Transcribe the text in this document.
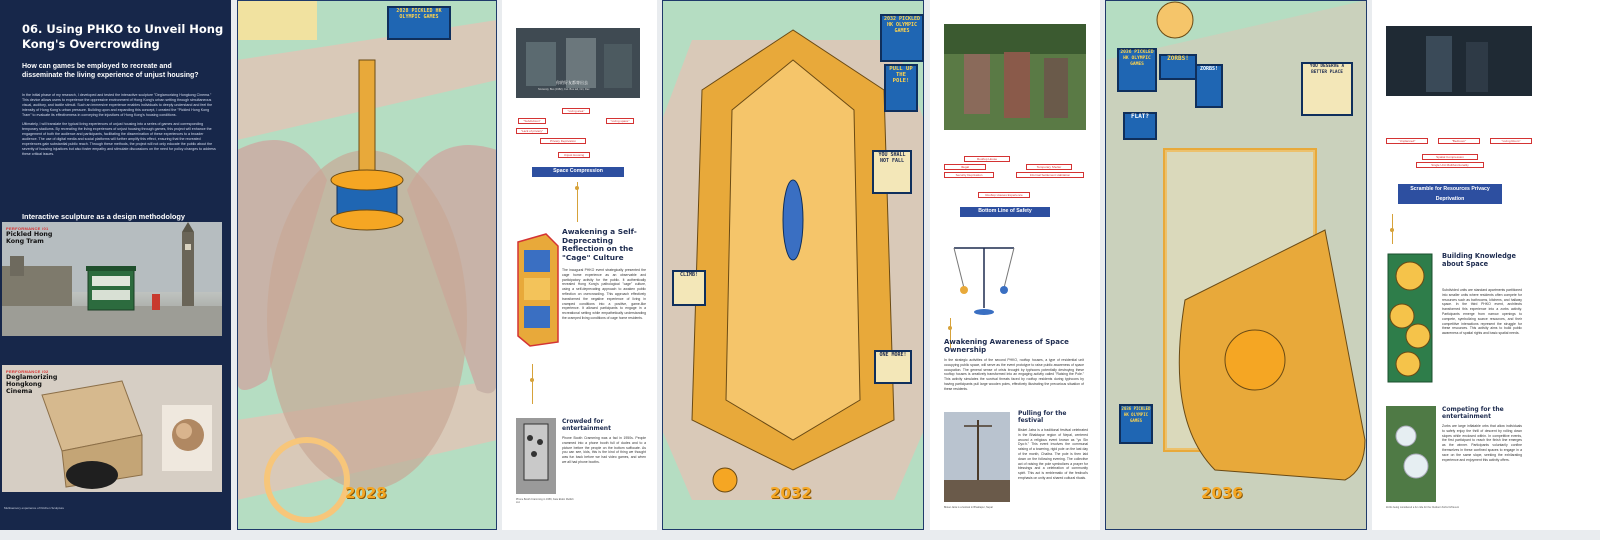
06. Using PHKO to Unveil Hong Kong's Overcrowding
How can games be employed to recreate and disseminate the living experience of unjust housing?

In the initial phase of my research, I developed and tested the interactive sculpture "Deglamorizing Hongkong Cinema." This device allows users to experience the oppressive environment of Hong Kong's urban setting through simultaneous visual, auditory, and tactile stimuli. Such an immersive experience enables individuals to deeply understand and feel the intensity of Hong Kong's urban pressure. Building upon and expanding this concept, I created the "Pickled Hong Kong Tram" to evaluate its effectiveness in conveying the injustices of Hong Kong's housing conditions.

Ultimately, I will translate the typical living experiences of unjust housing into a series of games and corresponding temporary stadiums. By recreating the living experiences of unjust housing through games, this project will enhance the engagement of both the audience and participants, facilitating the dissemination of these experiences to a broader audience. The use of digital media and social platforms will further amplify this effect, ensuring that the recreated experiences gain substantial public reach. Through these methods, the project will not only educate the public about the severity of housing injustices but also foster empathy and stimulate discussions on the need for policy changes to address these critical issues.

Interactive sculpture as a design methodology
PERFORMANCE /01
Pickled Hong Kong Tram
PERFORMANCE /02
Deglamorizing Hongkong Cinema
Multisensory experience of Kitchen Sculpture
2028 PICKLED HK OLYMPIC GAMES
2028
你的好友都寄出去
Sincerely, Bus (1982), Cut. Bus tail, Oct, Dec
"Subdivision"
"Living area"
"Living space"
"Lack of privacy"
Privacy Deprivation
Unjust Housing
Space Compression
Awakening a Self-Deprecating Reflection on the "Cage" Culture
The inaugural PHKO event strategically presented the cage home experience as an observable and participatory activity for the public. It authentically revealed Hong Kong's pathological "cage" culture, using a self-deprecating approach to awaken public reflection on overcrowding. This approach effectively transformed the negative experience of living in cramped conditions into a positive, game-like experience. It allowed participants to engage in a recreational setting while empathetically understanding the cramped living conditions of cage home residents.
Crowded for entertainment
Phone Booth Cramming was a fad in 1950s. People crammed into a phone booth full of dudes and to a picture before the people on the bottom suffocate. As you can see, kids, this is the kind of thing we thought was fun back before we had video games, and when we all had phone booths.
Phone Booth Cramming in 1959, Kate Eldon Mellish Ltd.
2032 PICKLED HK OLYMPIC GAMES
PULL UP THE POLE!
YOU SHALL NOT FALL
CLIMB!
ONE MORE!
2032
Rooftop House
Illegal
Security Deprivation
Temporary Shelter
Informal Settlement Habitation
Rooftop Houses Experience
Bottom Line of Safety
Awakening Awareness of Space Ownership
In the strategic activities of the second PHKO, rooftop houses, a type of residential unit occupying public space, will serve as the event prototype to raise public awareness of space occupation. The general sense of crisis brought by typhoons potentially destroying these rooftop houses is creatively transformed into an engaging activity called "Raising the Pole." This activity simulates the survival threats faced by rooftop residents during typhoons by having participants pull large wooden poles, effectively illustrating the precarious situation of these residents.
Pulling for the festival
Bisket Jatra is a traditional festival celebrated in the Bhaktapur region of Nepal, centered around a religious event known as "yo Sin Dyo:h." This event involves the communal raising of a towering, rigid pole on the last day of the month, Chaitra. The pole is then laid down on the following evening. The collective act of raising the pole symbolizes a prayer for blessings and a celebration of community spirit. This act is emblematic of the festival's emphasis on unity and shared cultural rituals.
Bisket Jatra is a festival in Bhaktapur, Nepal
2036 PICKLED HK OLYMPIC GAMES
ZORBS!
FLAT?
ZORBS!	YOU DESERVE A BETTER PLACE
2036 PICKLED HK OLYMPIC GAMES
2036
"Unplanned"	"Bedroom"	"Living Room"
Spatial Compression
Single Unit Multifunctionality
Scramble for Resources Privacy Deprivation
Building Knowledge about Space
Subdivided units are standard apartments partitioned into smaller units where residents often compete for resources such as bathrooms, kitchens, and hallway space. In the third PHKO event, architects transformed this experience into a zorbs activity. Participants emerge from narrow openings to compete, symbolizing scarce resources, and their competitive interactions represent the struggle for these resources. This activity aims to build public awareness of spatial rights and basic spatial needs.
Competing for the entertainment
Zorbs are large inflatable orbs that allow individuals to safely enjoy the thrill of descent by rolling down slopes while enclosed within. In competitive events, the first participant to reach the finish line emerges as the winner. Participants voluntarily confine themselves in these confined spaces to engage in a race on the same slope, seeking the exhilarating experience and enjoyment this activity offers.
Zorbs being considered a fun ride for the Outdoor Zorbs NZ Event
